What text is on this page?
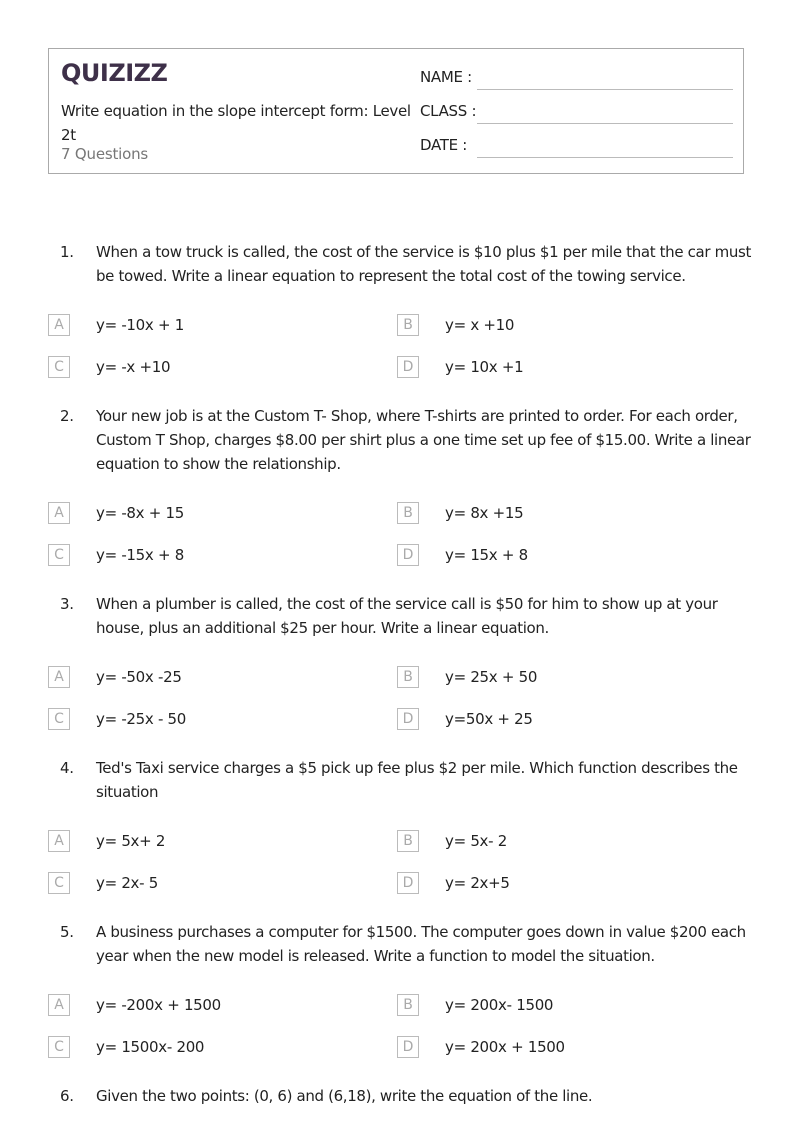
QUIZIZZ
Write equation in the slope intercept form: Level 2t
7 Questions
NAME :
CLASS :
DATE :
1. When a tow truck is called, the cost of the service is $10 plus $1 per mile that the car must be towed. Write a linear equation to represent the total cost of the towing service.
A	y= -10x + 1	B	y= x +10
C	y= -x +10	D	y= 10x +1
2. Your new job is at the Custom T- Shop, where T-shirts are printed to order. For each order, Custom T Shop, charges $8.00 per shirt plus a one time set up fee of $15.00. Write a linear equation to show the relationship.
A	y= -8x + 15	B	y= 8x +15
C	y= -15x + 8	D	y= 15x + 8
3. When a plumber is called, the cost of the service call is $50 for him to show up at your house, plus an additional $25 per hour. Write a linear equation.
A	y= -50x -25	B	y= 25x + 50
C	y= -25x - 50	D	y=50x + 25
4. Ted's Taxi service charges a $5 pick up fee plus $2 per mile. Which function describes the situation
A	y= 5x+ 2	B	y= 5x- 2
C	y= 2x- 5	D	y= 2x+5
5. A business purchases a computer for $1500. The computer goes down in value $200 each year when the new model is released. Write a function to model the situation.
A	y= -200x + 1500	B	y= 200x- 1500
C	y= 1500x- 200	D	y= 200x + 1500
6. Given the two points: (0, 6) and (6,18), write the equation of the line.
